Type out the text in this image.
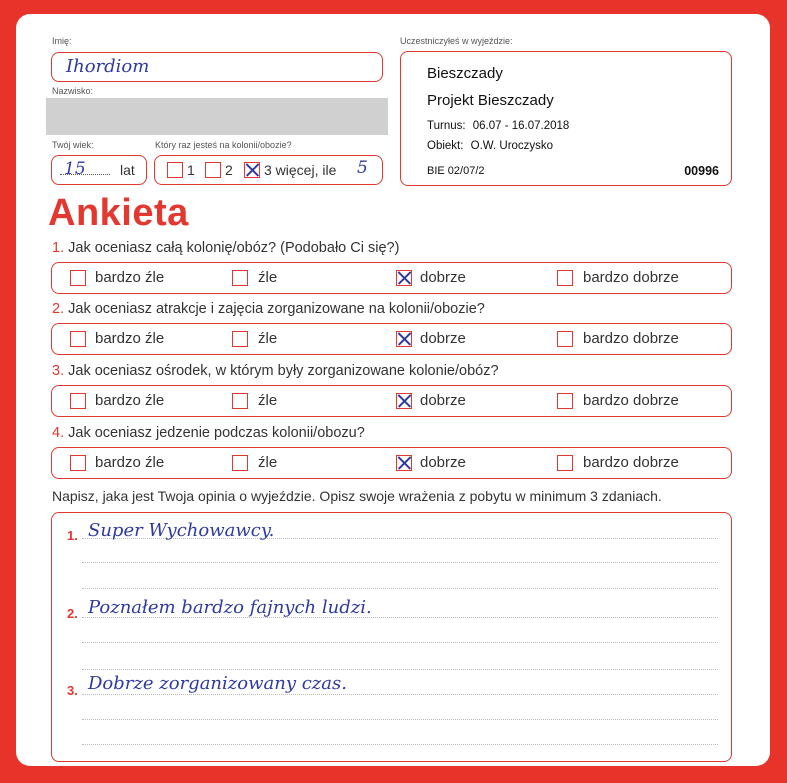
Imię:
Ihordiom
Nazwisko:
Twój wiek:
15 lat
Który raz jesteś na kolonii/obozie?
1 2 3 więcej, ile 5
Uczestniczyłeś w wyjeździe:
Bieszczady
Projekt Bieszczady
Turnus: 06.07 - 16.07.2018
Obiekt: O.W. Uroczysko
BIE 02/07/2	00996
Ankieta
1. Jak oceniasz całą kolonię/obóz? (Podobało Ci się?)
bardzo źle	źle	dobrze	bardzo dobrze
2. Jak oceniasz atrakcje i zajęcia zorganizowane na kolonii/obozie?
bardzo źle	źle	dobrze	bardzo dobrze
3. Jak oceniasz ośrodek, w którym były zorganizowane kolonie/obóz?
bardzo źle	źle	dobrze	bardzo dobrze
4. Jak oceniasz jedzenie podczas kolonii/obozu?
bardzo źle	źle	dobrze	bardzo dobrze
Napisz, jaka jest Twoja opinia o wyjeździe. Opisz swoje wrażenia z pobytu w minimum 3 zdaniach.
1. Super Wychowawcy.
2. Poznałem bardzo fajnych ludzi.
3. Dobrze zorganizowany czas.
